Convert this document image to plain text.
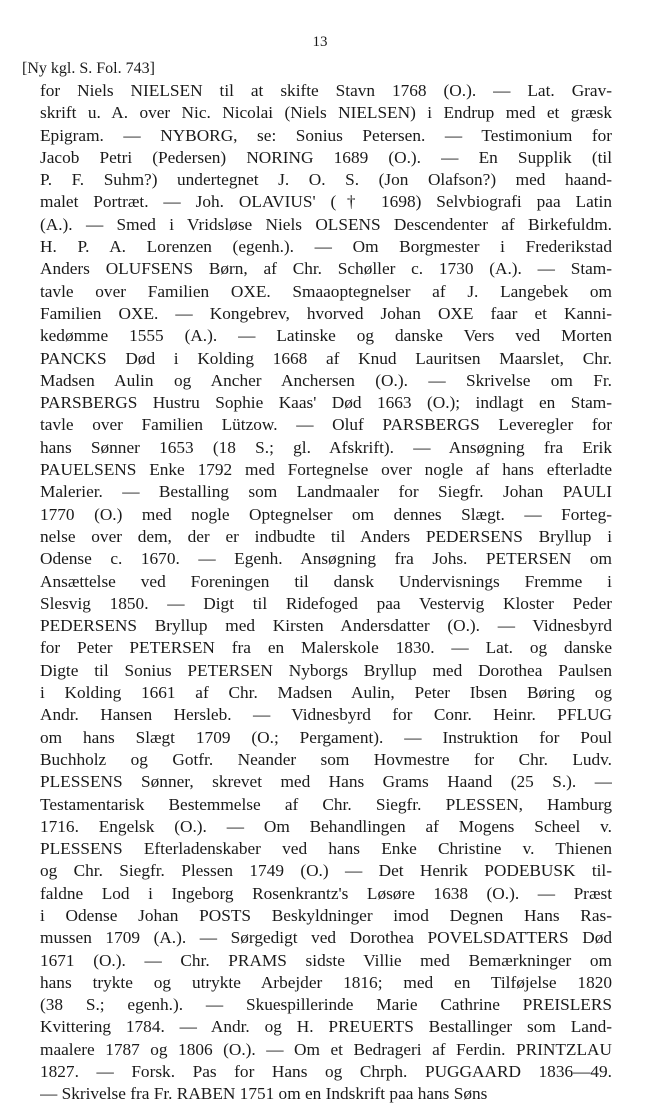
13
[Ny kgl. S. Fol. 743]
for Niels NIELSEN til at skifte Stavn 1768 (O.). — Lat. Grav-
skrift u. A. over Nic. Nicolai (Niels NIELSEN) i Endrup med et græsk
Epigram. — NYBORG, se: Sonius Petersen. — Testimonium for
Jacob Petri (Pedersen) NORING 1689 (O.). — En Supplik (til
P. F. Suhm?) undertegnet J. O. S. (Jon Olafson?) med haand-
malet Portræt. — Joh. OLAVIUS' († 1698) Selvbiografi paa Latin
(A.). — Smed i Vridsløse Niels OLSENS Descendenter af Birkefuldm.
H. P. A. Lorenzen (egenh.). — Om Borgmester i Frederikstad
Anders OLUFSENS Børn, af Chr. Schøller c. 1730 (A.). — Stam-
tavle over Familien OXE. Smaaoptegnelser af J. Langebek om
Familien OXE. — Kongebrev, hvorved Johan OXE faar et Kanni-
kedømme 1555 (A.). — Latinske og danske Vers ved Morten
PANCKS Død i Kolding 1668 af Knud Lauritsen Maarslet, Chr.
Madsen Aulin og Ancher Anchersen (O.). — Skrivelse om Fr.
PARSBERGS Hustru Sophie Kaas' Død 1663 (O.); indlagt en Stam-
tavle over Familien Lützow. — Oluf PARSBERGS Leveregler for
hans Sønner 1653 (18 S.; gl. Afskrift). — Ansøgning fra Erik
PAUELSENS Enke 1792 med Fortegnelse over nogle af hans efterladte
Malerier. — Bestalling som Landmaaler for Siegfr. Johan PAULI
1770 (O.) med nogle Optegnelser om dennes Slægt. — Forteg-
nelse over dem, der er indbudte til Anders PEDERSENS Bryllup i
Odense c. 1670. — Egenh. Ansøgning fra Johs. PETERSEN om
Ansættelse ved Foreningen til dansk Undervisnings Fremme i
Slesvig 1850. — Digt til Ridefoged paa Vestervig Kloster Peder
PEDERSENS Bryllup med Kirsten Andersdatter (O.). — Vidnesbyrd
for Peter PETERSEN fra en Malerskole 1830. — Lat. og danske
Digte til Sonius PETERSEN Nyborgs Bryllup med Dorothea Paulsen
i Kolding 1661 af Chr. Madsen Aulin, Peter Ibsen Børing og
Andr. Hansen Hersleb. — Vidnesbyrd for Conr. Heinr. PFLUG
om hans Slægt 1709 (O.; Pergament). — Instruktion for Poul
Buchholz og Gotfr. Neander som Hovmestre for Chr. Ludv.
PLESSENS Sønner, skrevet med Hans Grams Haand (25 S.). —
Testamentarisk Bestemmelse af Chr. Siegfr. PLESSEN, Hamburg
1716. Engelsk (O.). — Om Behandlingen af Mogens Scheel v.
PLESSENS Efterladenskaber ved hans Enke Christine v. Thienen
og Chr. Siegfr. Plessen 1749 (O.) — Det Henrik PODEBUSK til-
faldne Lod i Ingeborg Rosenkrantz's Løsøre 1638 (O.). — Præst
i Odense Johan POSTS Beskyldninger imod Degnen Hans Ras-
mussen 1709 (A.). — Sørgedigt ved Dorothea POVELSDATTERS Død
1671 (O.). — Chr. PRAMS sidste Villie med Bemærkninger om
hans trykte og utrykte Arbejder 1816; med en Tilføjelse 1820
(38 S.; egenh.). — Skuespillerinde Marie Cathrine PREISLERS
Kvittering 1784. — Andr. og H. PREUERTS Bestallinger som Land-
maalere 1787 og 1806 (O.). — Om et Bedrageri af Ferdin. PRINTZLAU
1827. — Forsk. Pas for Hans og Chrph. PUGGAARD 1836—49.
— Skrivelse fra Fr. RABEN 1751 om en Indskrift paa hans Søns
